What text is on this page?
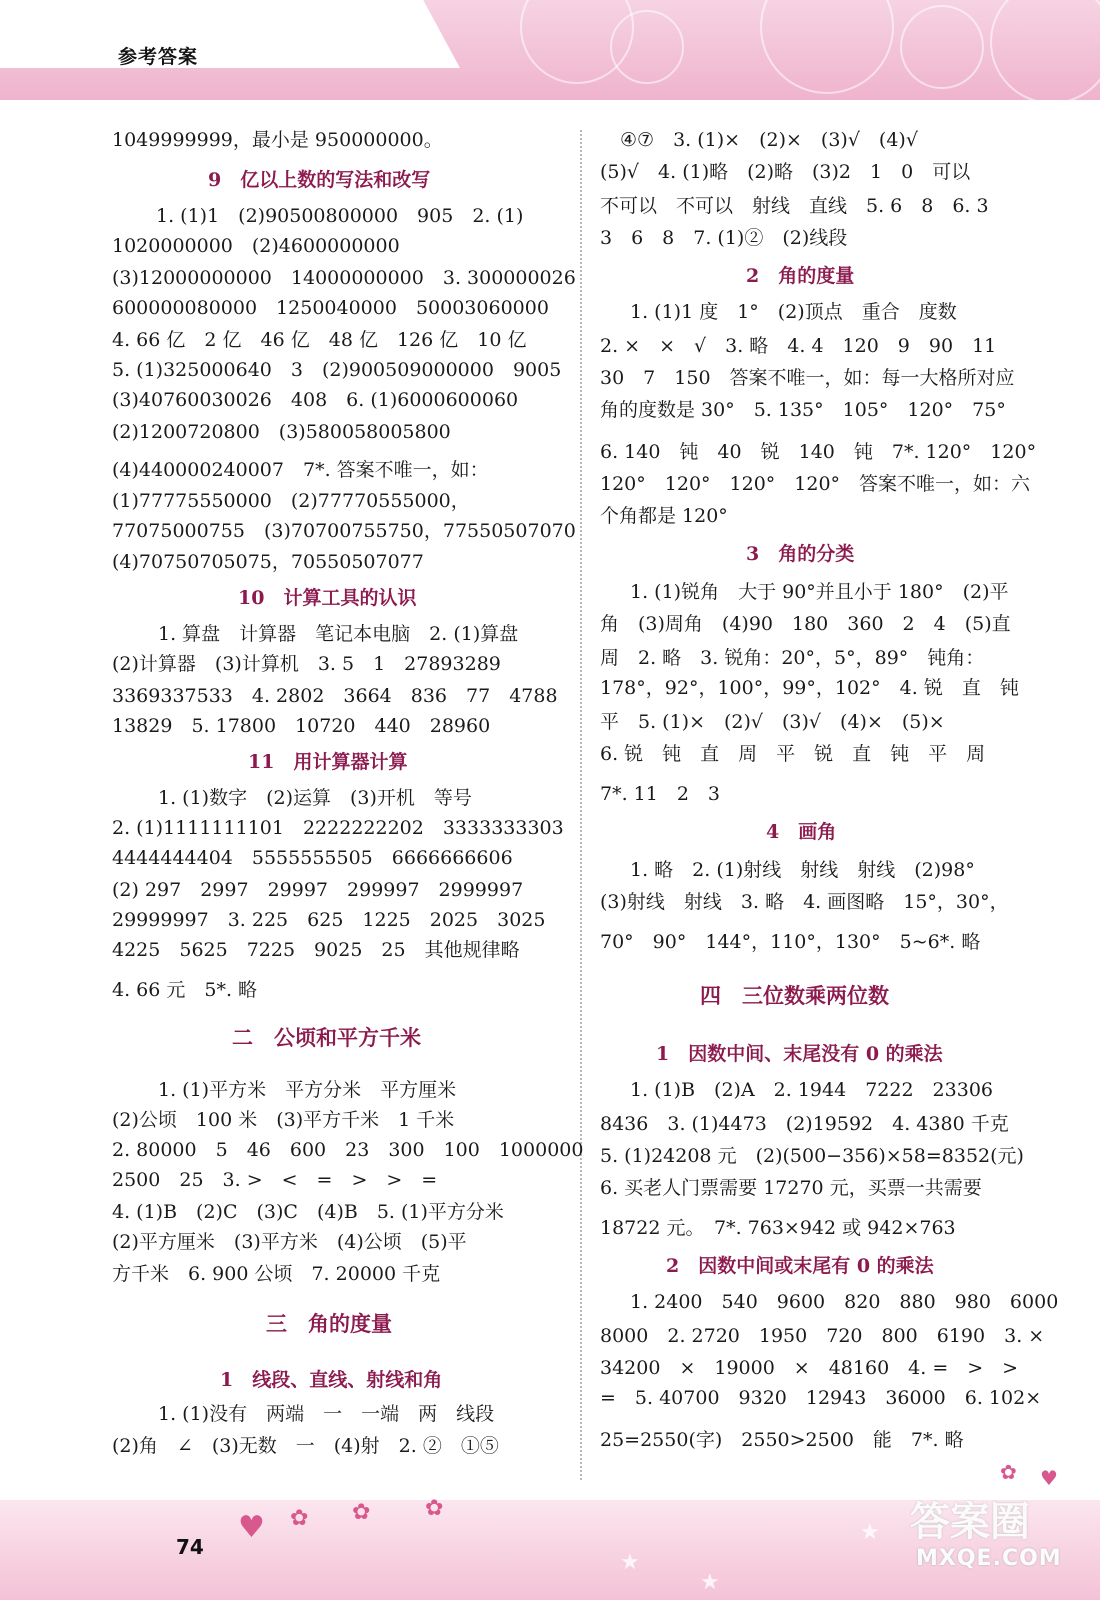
参考答案
1049999999，最小是 950000000。
9　亿以上数的写法和改写
1. (1)1　(2)90500800000　905　2. (1)
1020000000　(2)4600000000
(3)12000000000　14000000000　3. 300000026
600000080000　1250040000　50003060000
4. 66 亿　2 亿　46 亿　48 亿　126 亿　10 亿
5. (1)325000640　3　(2)900509000000　9005
(3)40760030026　408　6. (1)6000600060
(2)1200720800　(3)580058005800
(4)440000240007　7*. 答案不唯一，如：
(1)77775550000　(2)77770555000，
77075000755　(3)70700755750，77550507070
(4)70750705075，70550507077
10　计算工具的认识
1. 算盘　计算器　笔记本电脑　2. (1)算盘
(2)计算器　(3)计算机　3. 5　1　27893289
3369337533　4. 2802　3664　836　77　4788
13829　5. 17800　10720　440　28960
11　用计算器计算
1. (1)数字　(2)运算　(3)开机　等号
2. (1)1111111101　2222222202　3333333303
4444444404　5555555505　6666666606
(2) 297　2997　29997　299997　2999997
29999997　3. 225　625　1225　2025　3025
4225　5625　7225　9025　25　其他规律略
4. 66 元　5*. 略
二　公顷和平方千米
1. (1)平方米　平方分米　平方厘米
(2)公顷　100 米　(3)平方千米　1 千米
2. 80000　5　46　600　23　300　100　1000000
2500　25　3. >　<　=　>　>　=
4. (1)B　(2)C　(3)C　(4)B　5. (1)平方分米
(2)平方厘米　(3)平方米　(4)公顷　(5)平
方千米　6. 900 公顷　7. 20000 千克
三　角的度量
1　线段、直线、射线和角
1. (1)没有　两端　一　一端　两　线段
(2)角　∠　(3)无数　一　(4)射　2. ②　①⑤
④⑦　3. (1)×　(2)×　(3)√　(4)√
(5)√　4. (1)略　(2)略　(3)2　1　0　可以
不可以　不可以　射线　直线　5. 6　8　6. 3
3　6　8　7. (1)②　(2)线段
2　角的度量
1. (1)1 度　1°　(2)顶点　重合　度数
2. ×　×　√　3. 略　4. 4　120　9　90　11
30　7　150　答案不唯一，如：每一大格所对应
角的度数是 30°　5. 135°　105°　120°　75°
6. 140　钝　40　锐　140　钝　7*. 120°　120°
120°　120°　120°　120°　答案不唯一，如：六
个角都是 120°
3　角的分类
1. (1)锐角　大于 90°并且小于 180°　(2)平
角　(3)周角　(4)90　180　360　2　4　(5)直
周　2. 略　3. 锐角：20°，5°，89°　钝角：
178°，92°，100°，99°，102°　4. 锐　直　钝
平　5. (1)×　(2)√　(3)√　(4)×　(5)×
6. 锐　钝　直　周　平　锐　直　钝　平　周
7*. 11　2　3
4　画角
1. 略　2. (1)射线　射线　射线　(2)98°
(3)射线　射线　3. 略　4. 画图略　15°，30°，
70°　90°　144°，110°，130°　5~6*. 略
四　三位数乘两位数
1　因数中间、末尾没有 0 的乘法
1. (1)B　(2)A　2. 1944　7222　23306
8436　3. (1)4473　(2)19592　4. 4380 千克
5. (1)24208 元　(2)(500−356)×58=8352(元)
6. 买老人门票需要 17270 元，买票一共需要
18722 元。　7*. 763×942 或 942×763
2　因数中间或末尾有 0 的乘法
1. 2400　540　9600　820　880　980　6000
8000　2. 2720　1950　720　800　6190　3. ×
34200　×　19000　×　48160　4. =　>　>
=　5. 40700　9320　12943　36000　6. 102×
25=2550(字)　2550>2500　能　7*. 略
★
★
★
74
♥ ✿ ✿ ✿
✿ ♥
答案圈
MXQE.COM
